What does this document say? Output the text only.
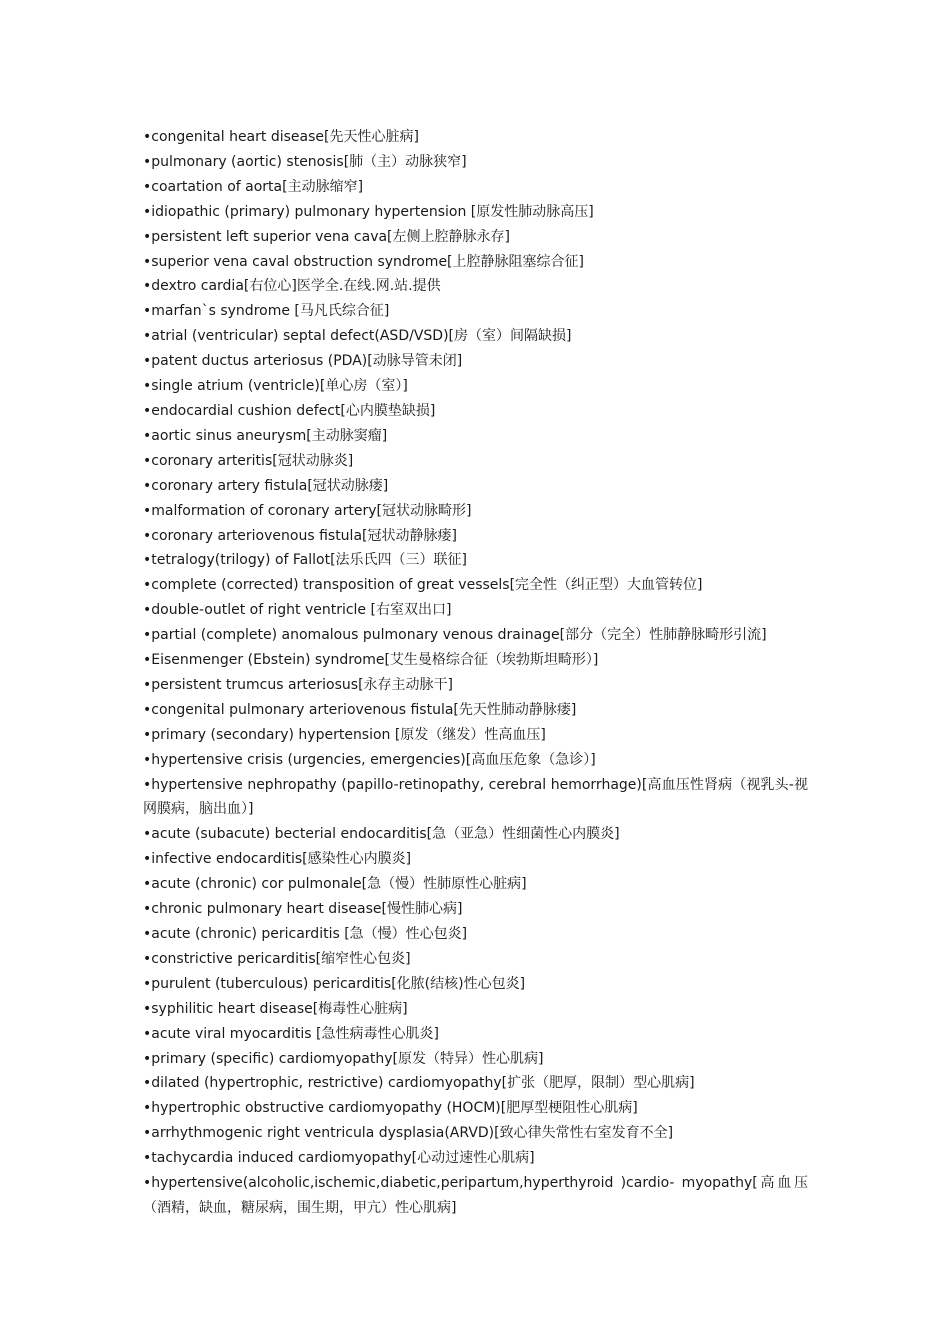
•congenital heart disease[先天性心脏病]
•pulmonary (aortic) stenosis[肺（主）动脉狭窄]
•coartation of aorta[主动脉缩窄]
•idiopathic (primary) pulmonary hypertension [原发性肺动脉高压]
•persistent left superior vena cava[左侧上腔静脉永存]
•superior vena caval obstruction syndrome[上腔静脉阻塞综合征]
•dextro cardia[右位心]医学全.在线.网.站.提供
•marfan`s syndrome [马凡氏综合征]
•atrial (ventricular) septal defect(ASD/VSD)[房（室）间隔缺损]
•patent ductus arteriosus (PDA)[动脉导管未闭]
•single atrium (ventricle)[单心房（室）]
•endocardial cushion defect[心内膜垫缺损]
•aortic sinus aneurysm[主动脉窦瘤]
•coronary arteritis[冠状动脉炎]
•coronary artery fistula[冠状动脉瘘]
•malformation of coronary artery[冠状动脉畸形]
•coronary arteriovenous fistula[冠状动静脉瘘]
•tetralogy(trilogy) of Fallot[法乐氏四（三）联征]
•complete (corrected) transposition of great vessels[完全性（纠正型）大血管转位]
•double-outlet of right ventricle [右室双出口]
•partial (complete) anomalous pulmonary venous drainage[部分（完全）性肺静脉畸形引流]
•Eisenmenger (Ebstein) syndrome[艾生曼格综合征（埃勃斯坦畸形）]
•persistent trumcus arteriosus[永存主动脉干]
•congenital pulmonary arteriovenous fistula[先天性肺动静脉瘘]
•primary (secondary) hypertension [原发（继发）性高血压]
•hypertensive crisis (urgencies, emergencies)[高血压危象（急诊）]
•hypertensive nephropathy (papillo-retinopathy, cerebral hemorrhage)[高血压性肾病（视乳头-视网膜病，脑出血）]
•acute (subacute) becterial endocarditis[急（亚急）性细菌性心内膜炎]
•infective endocarditis[感染性心内膜炎]
•acute (chronic) cor pulmonale[急（慢）性肺原性心脏病]
•chronic pulmonary heart disease[慢性肺心病]
•acute (chronic) pericarditis [急（慢）性心包炎]
•constrictive pericarditis[缩窄性心包炎]
•purulent (tuberculous) pericarditis[化脓(结核)性心包炎]
•syphilitic heart disease[梅毒性心脏病]
•acute viral myocarditis [急性病毒性心肌炎]
•primary (specific) cardiomyopathy[原发（特异）性心肌病]
•dilated (hypertrophic, restrictive) cardiomyopathy[扩张（肥厚，限制）型心肌病]
•hypertrophic obstructive cardiomyopathy (HOCM)[肥厚型梗阻性心肌病]
•arrhythmogenic right ventricula dysplasia(ARVD)[致心律失常性右室发育不全]
•tachycardia induced cardiomyopathy[心动过速性心肌病]
•hypertensive(alcoholic,ischemic,diabetic,peripartum,hyperthyroid )cardio- myopathy[高血压（酒精，缺血，糖尿病，围生期，甲亢）性心肌病]
